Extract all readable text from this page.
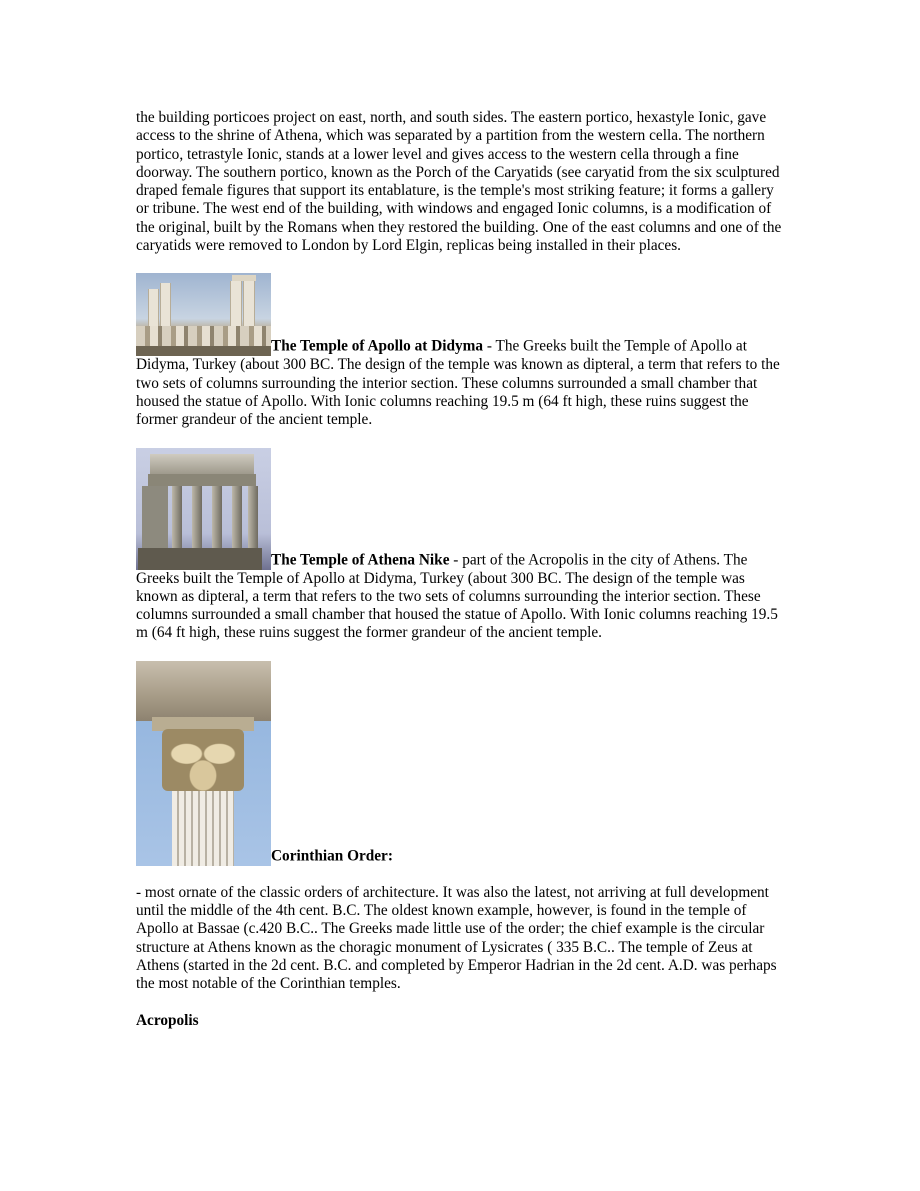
the building porticoes project on east, north, and south sides. The eastern portico, hexastyle Ionic, gave access to the shrine of Athena, which was separated by a partition from the western cella. The northern portico, tetrastyle Ionic, stands at a lower level and gives access to the western cella through a fine doorway. The southern portico, known as the Porch of the Caryatids (see caryatid from the six sculptured draped female figures that support its entablature, is the temple's most striking feature; it forms a gallery or tribune. The west end of the building, with windows and engaged Ionic columns, is a modification of the original, built by the Romans when they restored the building. One of the east columns and one of the caryatids were removed to London by Lord Elgin, replicas being installed in their places.

The Temple of Apollo at Didyma - The Greeks built the Temple of Apollo at Didyma, Turkey (about 300 BC. The design of the temple was known as dipteral, a term that refers to the two sets of columns surrounding the interior section. These columns surrounded a small chamber that housed the statue of Apollo. With Ionic columns reaching 19.5 m (64 ft high, these ruins suggest the former grandeur of the ancient temple.
The Temple of Athena Nike - part of the Acropolis in the city of Athens. The Greeks built the Temple of Apollo at Didyma, Turkey (about 300 BC. The design of the temple was known as dipteral, a term that refers to the two sets of columns surrounding the interior section. These columns surrounded a small chamber that housed the statue of Apollo. With Ionic columns reaching 19.5 m (64 ft high, these ruins suggest the former grandeur of the ancient temple.
Corinthian Order:

- most ornate of the classic orders of architecture. It was also the latest, not arriving at full development until the middle of the 4th cent. B.C. The oldest known example, however, is found in the temple of Apollo at Bassae (c.420 B.C.. The Greeks made little use of the order; the chief example is the circular structure at Athens known as the choragic monument of Lysicrates ( 335 B.C.. The temple of Zeus at Athens (started in the 2d cent. B.C. and completed by Emperor Hadrian in the 2d cent. A.D. was perhaps the most notable of the Corinthian temples.

Acropolis
